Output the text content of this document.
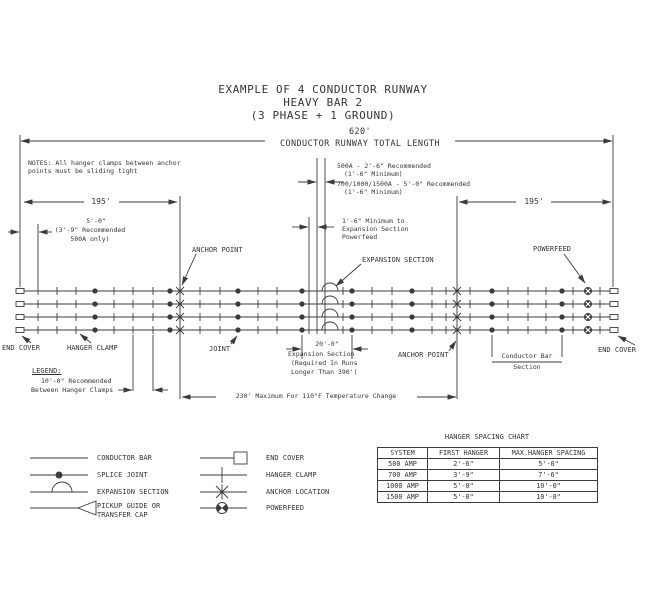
EXAMPLE OF 4 CONDUCTOR RUNWAY
HEAVY BAR 2
(3 PHASE + 1 GROUND)
620'
CONDUCTOR RUNWAY TOTAL LENGTH
NOTES: All hanger clamps between anchor
points must be sliding tight
195'	195'
5'-0"
(3'-9" Recommended
500A only)
500A - 2'-6" Recommended
(1'-6" Minimum)
700/1000/1500A - 5'-0" Recommended
(1'-6" Minimum)
1'-6" Minimum to
Expansion Section
Powerfeed
ANCHOR POINT
EXPANSION SECTION
POWERFEED
END COVER	HANGER CLAMP	JOINT
ANCHOR POINT	Conductor Bar
Section
END COVER
LEGEND:
10'-0" Recommended
Between Hanger Clamps
20'-0"
Expansion Section
(Required In Runs
Longer Than 390')
230' Maximum For 110°F Temperature Change
CONDUCTOR BAR
SPLICE JOINT
EXPANSION SECTION
PICKUP GUIDE OR
TRANSFER CAP
END COVER
HANGER CLAMP
ANCHOR LOCATION
POWERFEED
HANGER SPACING CHART
SYSTEM	FIRST HANGER	MAX.HANGER SPACING
500 AMP	2'-6"	5'-0"
700 AMP	3'-9"	7'-6"
1000 AMP	5'-0"	10'-0"
1500 AMP	5'-0"	10'-0"
